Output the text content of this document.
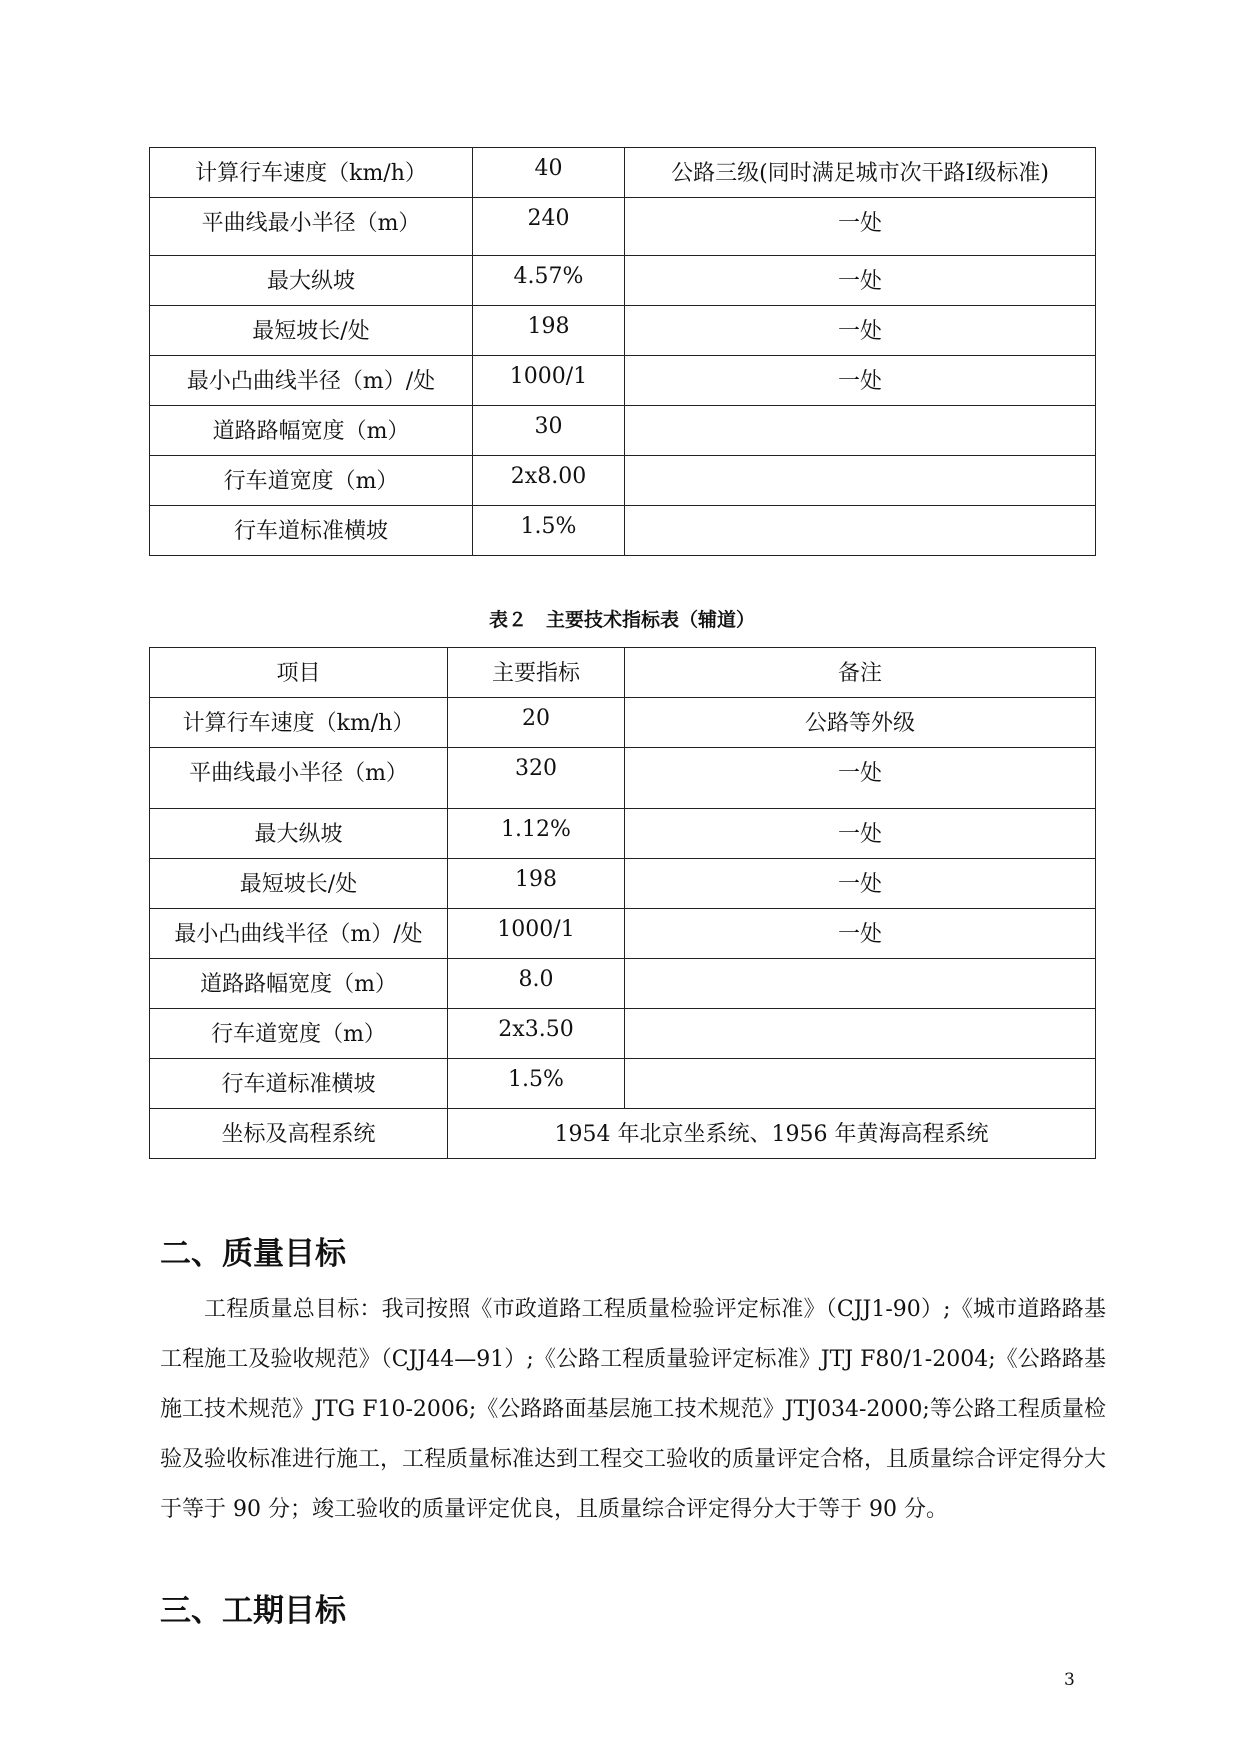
计算行车速度（km/h）	40	公路三级(同时满足城市次干路Ⅰ级标准)
平曲线最小半径（m）	240	一处
最大纵坡	4.57%	一处
最短坡长/处	198	一处
最小凸曲线半径（m）/处	1000/1	一处
道路路幅宽度（m）	30	
行车道宽度（m）	2x8.00	
行车道标准横坡	1.5%	
表２　主要技术指标表（辅道）
项目	主要指标	备注
计算行车速度（km/h）	20	公路等外级
平曲线最小半径（m）	320	一处
最大纵坡	1.12%	一处
最短坡长/处	198	一处
最小凸曲线半径（m）/处	1000/1	一处
道路路幅宽度（m）	8.0	
行车道宽度（m）	2x3.50	
行车道标准横坡	1.5%	
坐标及高程系统	1954 年北京坐系统、1956 年黄海高程系统	
二、质量目标

工程质量总目标：我司按照《市政道路工程质量检验评定标准》（CJJ1-90）;《城市道路路基工程施工及验收规范》（CJJ44—91）;《公路工程质量验评定标准》JTJ F80/1-2004;《公路路基施工技术规范》JTG F10-2006;《公路路面基层施工技术规范》JTJ034-2000;等公路工程质量检验及验收标准进行施工，工程质量标准达到工程交工验收的质量评定合格，且质量综合评定得分大于等于 90 分；竣工验收的质量评定优良，且质量综合评定得分大于等于 90 分。

三、工期目标
3
